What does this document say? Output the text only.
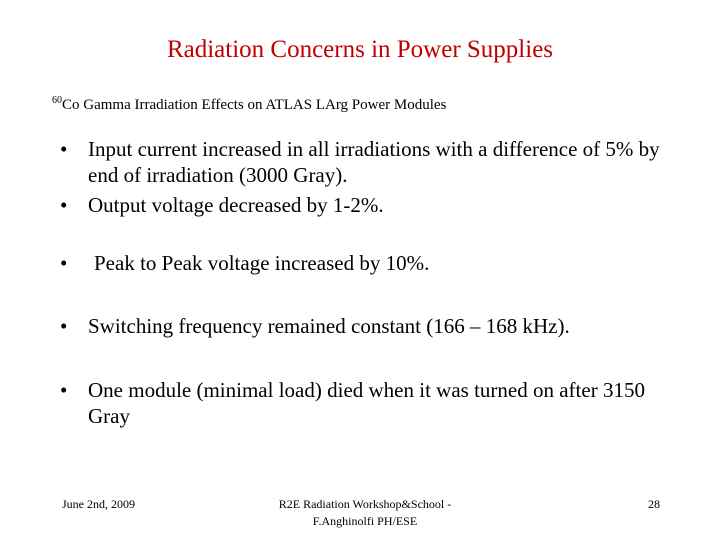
Radiation Concerns in Power Supplies
$^{60}$Co Gamma Irradiation Effects on ATLAS LArg Power Modules
• Input current increased in all irradiations with a difference of 5% by end of irradiation (3000 Gray).
• Output voltage decreased by 1-2%.
• Peak to Peak voltage increased by 10%.
• Switching frequency remained constant (166 – 168 kHz).
• One module (minimal load) died when it was turned on after 3150 Gray
June 2nd, 2009	R2E Radiation Workshop&School -
F.Anghinolfi PH/ESE
28
